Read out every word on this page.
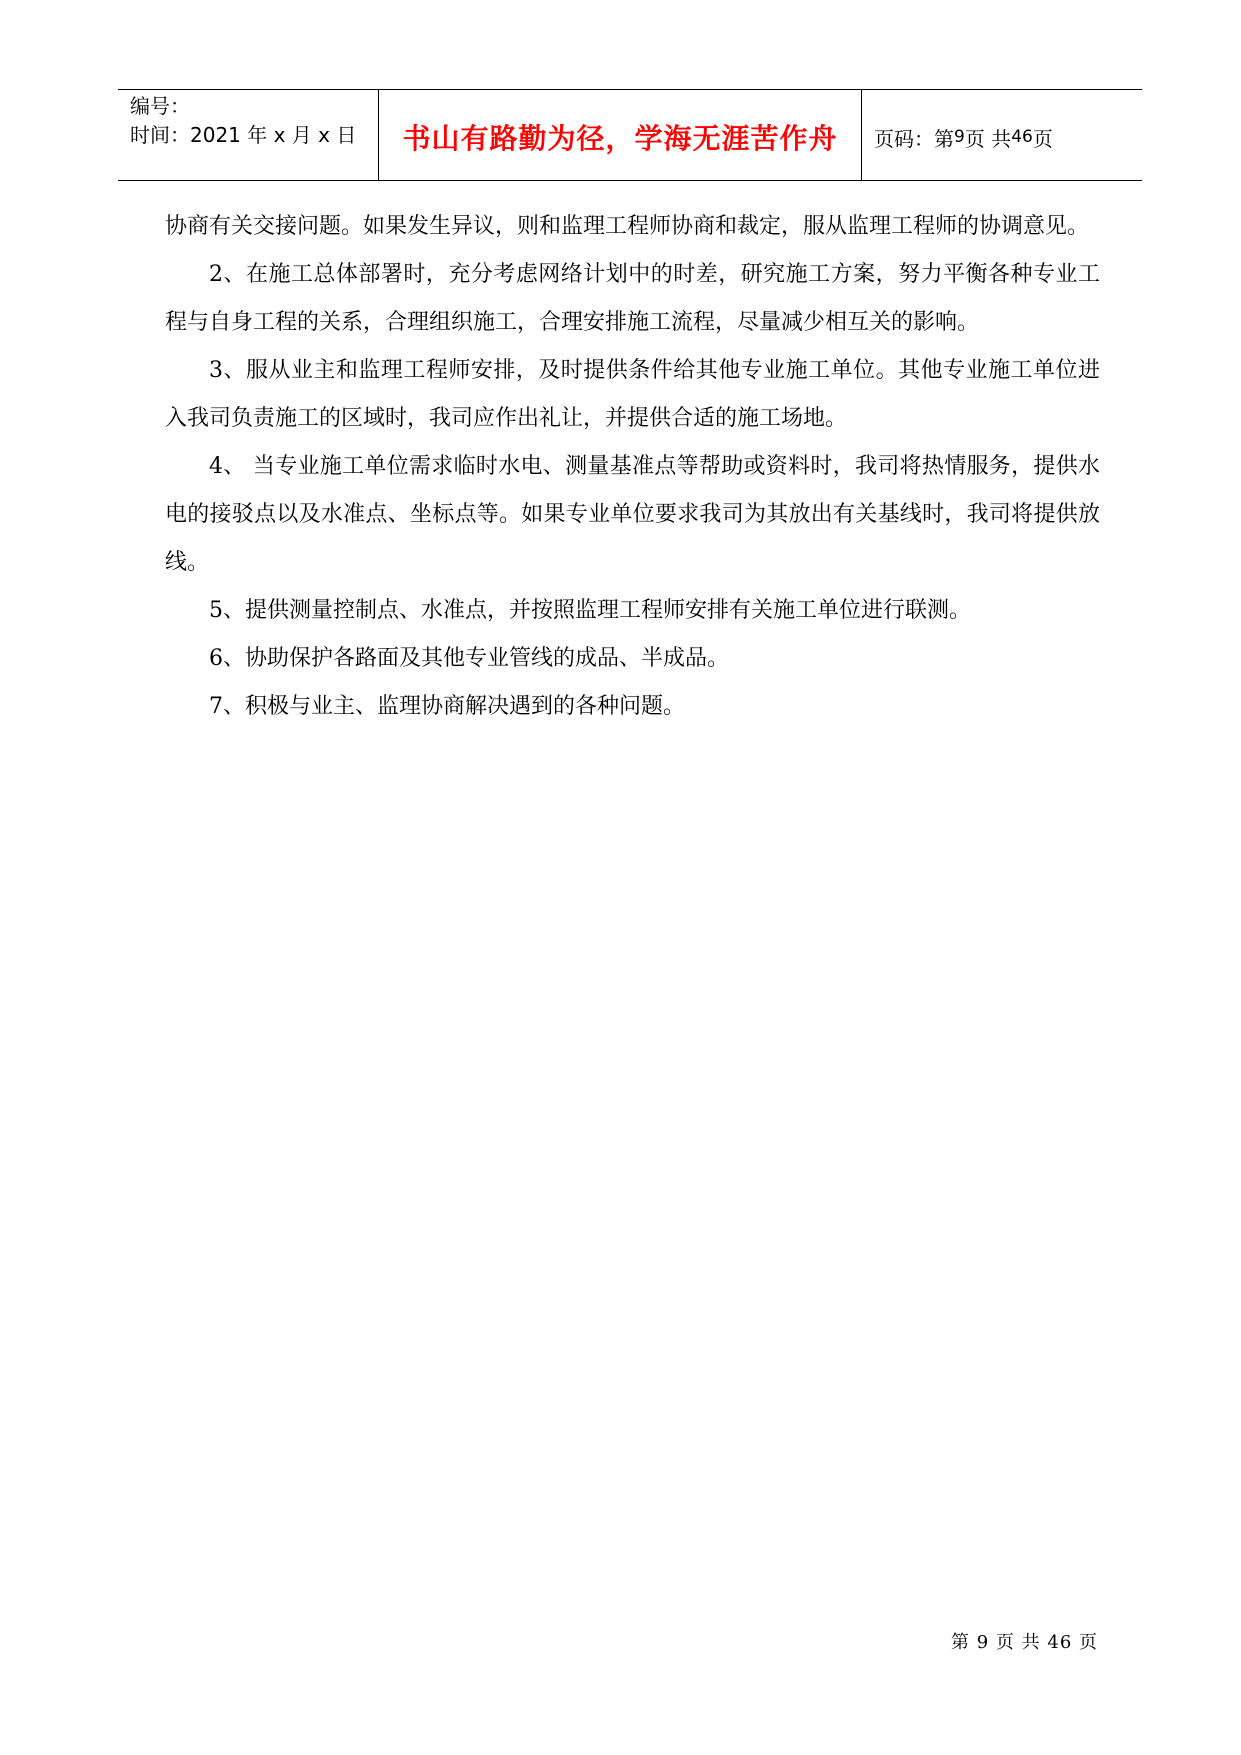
编号：
时间：2021 年 x 月 x 日	书山有路勤为径，学海无涯苦作舟 页码：第 9 页 共 46 页

协商有关交接问题。如果发生异议，则和监理工程师协商和裁定，服从监理工程师的协调意见。

2、在施工总体部署时，充分考虑网络计划中的时差，研究施工方案，努力平衡各种专业工程与自身工程的关系，合理组织施工，合理安排施工流程，尽量减少相互关的影响。

3、服从业主和监理工程师安排，及时提供条件给其他专业施工单位。其他专业施工单位进入我司负责施工的区域时，我司应作出礼让，并提供合适的施工场地。

4、 当专业施工单位需求临时水电、测量基准点等帮助或资料时，我司将热情服务，提供水电的接驳点以及水准点、坐标点等。如果专业单位要求我司为其放出有关基线时，我司将提供放线。

5、提供测量控制点、水准点，并按照监理工程师安排有关施工单位进行联测。

6、协助保护各路面及其他专业管线的成品、半成品。

7、积极与业主、监理协商解决遇到的各种问题。

第 9 页 共 46 页
